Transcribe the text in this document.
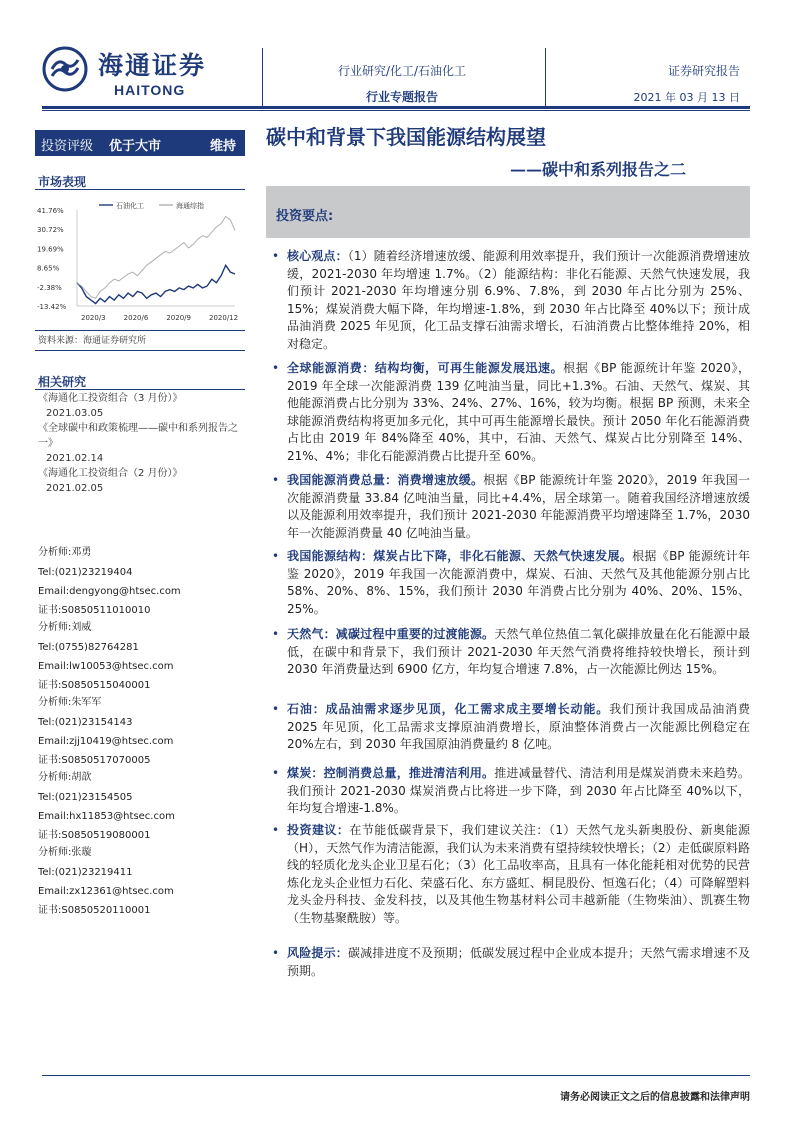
海通证券
HAITONG
行业研究/化工/石油化工
行业专题报告
证券研究报告
2021 年 03 月 13 日
投资评级 优于大市	维持 碳中和背景下我国能源结构展望
——碳中和系列报告之二
市场表现
41.76%
30.72%
19.69%
8.65%
-2.38%
-13.42%
2020/3	2020/6	2020/9	2020/12
石油化工	海通综指
资料来源：海通证券研究所
相关研究
《海通化工投资组合（3 月份）》
2021.03.05
《全球碳中和政策梳理——碳中和系列报告之一》
2021.02.14
《海通化工投资组合（2 月份）》
2021.02.05
分析师:邓勇
Tel:(021)23219404
Email:dengyong@htsec.com
证书:S0850511010010
分析师:刘威
Tel:(0755)82764281
Email:lw10053@htsec.com
证书:S0850515040001
分析师:朱军军
Tel:(021)23154143
Email:zjj10419@htsec.com
证书:S0850517070005
分析师:胡歆
Tel:(021)23154505
Email:hx11853@htsec.com
证书:S0850519080001
分析师:张璇
Tel:(021)23219411
Email:zx12361@htsec.com
证书:S0850520110001
投资要点:
• 核心观点：（1）随着经济增速放缓、能源利用效率提升，我们预计一次能源消费增速放缓，2021-2030 年均增速 1.7%。（2）能源结构：非化石能源、天然气快速发展，我们预计 2021-2030 年均增速分别 6.9%、7.8%，到 2030 年占比分别为 25%、15%；煤炭消费大幅下降，年均增速-1.8%，到 2030 年占比降至 40%以下；预计成品油消费 2025 年见顶，化工品支撑石油需求增长，石油消费占比整体维持 20%，相对稳定。
• 全球能源消费：结构均衡，可再生能源发展迅速。根据《BP 能源统计年鉴 2020》，2019 年全球一次能源消费 139 亿吨油当量，同比+1.3%。石油、天然气、煤炭、其他能源消费占比分别为 33%、24%、27%、16%，较为均衡。根据 BP 预测，未来全球能源消费结构将更加多元化，其中可再生能源增长最快。预计 2050 年化石能源消费占比由 2019 年 84%降至 40%，其中，石油、天然气、煤炭占比分别降至 14%、21%、4%；非化石能源消费占比提升至 60%。
• 我国能源消费总量：消费增速放缓。根据《BP 能源统计年鉴 2020》，2019 年我国一次能源消费量 33.84 亿吨油当量，同比+4.4%，居全球第一。随着我国经济增速放缓以及能源利用效率提升，我们预计 2021-2030 年能源消费平均增速降至 1.7%，2030 年一次能源消费量 40 亿吨油当量。
• 我国能源结构：煤炭占比下降，非化石能源、天然气快速发展。根据《BP 能源统计年鉴 2020》，2019 年我国一次能源消费中，煤炭、石油、天然气及其他能源分别占比 58%、20%、8%、15%，我们预计 2030 年消费占比分别为 40%、20%、15%、25%。
• 天然气：减碳过程中重要的过渡能源。天然气单位热值二氧化碳排放量在化石能源中最低，在碳中和背景下，我们预计 2021-2030 年天然气消费将维持较快增长，预计到 2030 年消费量达到 6900 亿方，年均复合增速 7.8%，占一次能源比例达 15%。
• 石油：成品油需求逐步见顶，化工需求成主要增长动能。我们预计我国成品油消费 2025 年见顶，化工品需求支撑原油消费增长，原油整体消费占一次能源比例稳定在 20%左右，到 2030 年我国原油消费量约 8 亿吨。
• 煤炭：控制消费总量，推进清洁利用。推进减量替代、清洁利用是煤炭消费未来趋势。我们预计 2021-2030 煤炭消费占比将进一步下降，到 2030 年占比降至 40%以下，年均复合增速-1.8%。
• 投资建议：在节能低碳背景下，我们建议关注：（1）天然气龙头新奥股份、新奥能源（H），天然气作为清洁能源，我们认为未来消费有望持续较快增长；（2）走低碳原料路线的轻质化龙头企业卫星石化；（3）化工品收率高，且具有一体化能耗相对优势的民营炼化龙头企业恒力石化、荣盛石化、东方盛虹、桐昆股份、恒逸石化；（4）可降解塑料龙头金丹科技、金发科技，以及其他生物基材料公司丰越新能（生物柴油）、凯赛生物（生物基聚酰胺）等。
• 风险提示：碳减排进度不及预期；低碳发展过程中企业成本提升；天然气需求增速不及预期。
请务必阅读正文之后的信息披露和法律声明
